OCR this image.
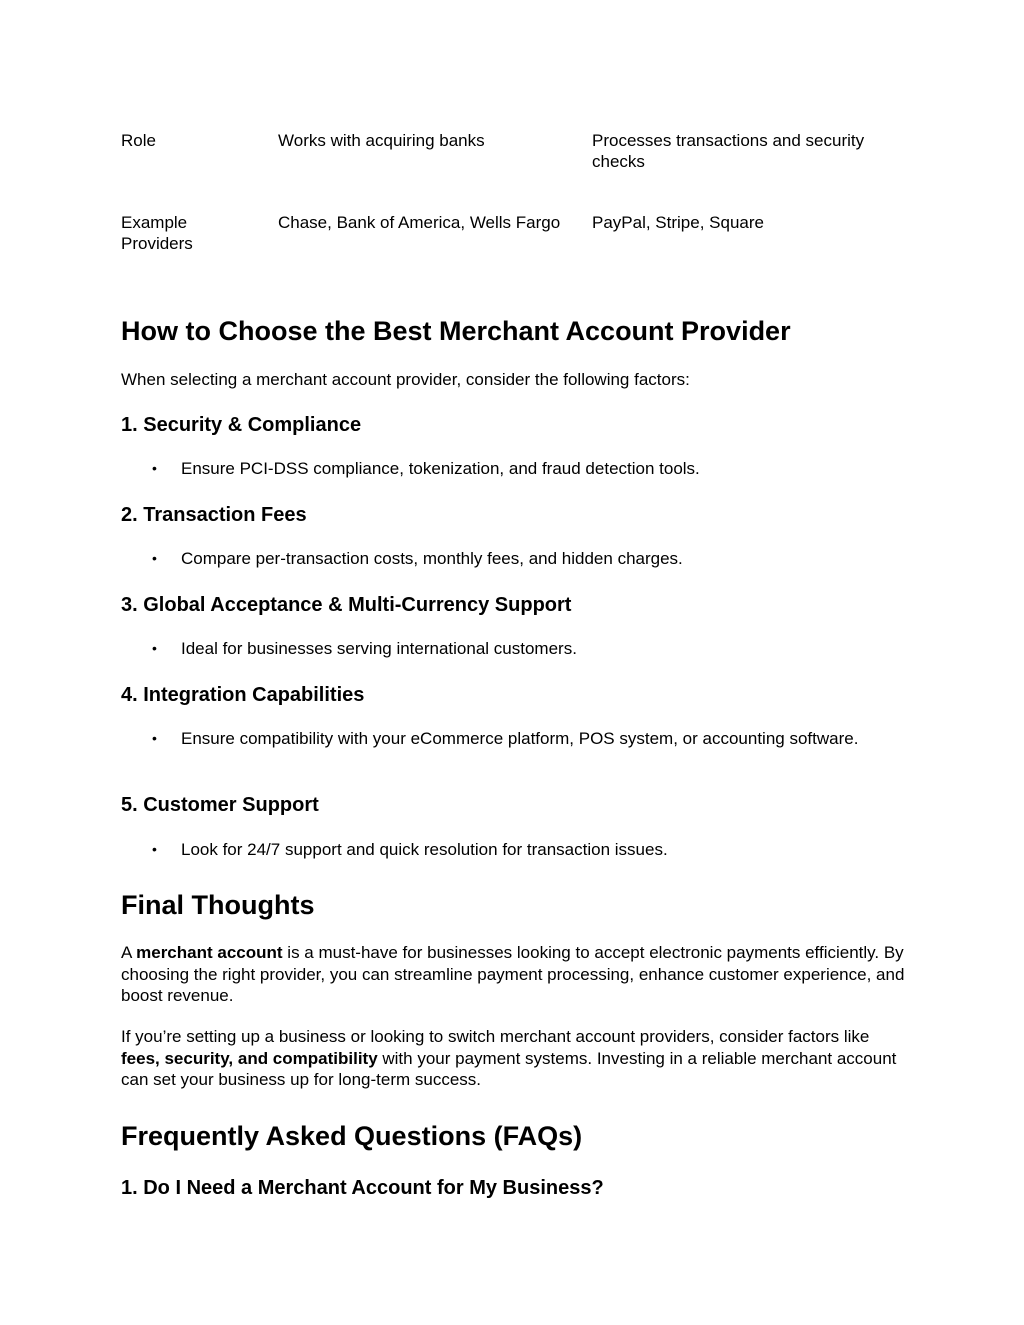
Role	Works with acquiring banks	Processes transactions and security checks
Example Providers
Chase, Bank of America, Wells Fargo PayPal, Stripe, Square
How to Choose the Best Merchant Account Provider

When selecting a merchant account provider, consider the following factors:

1. Security & Compliance
• Ensure PCI-DSS compliance, tokenization, and fraud detection tools.
2. Transaction Fees
• Compare per-transaction costs, monthly fees, and hidden charges.
3. Global Acceptance & Multi-Currency Support
• Ideal for businesses serving international customers.
4. Integration Capabilities
• Ensure compatibility with your eCommerce platform, POS system, or accounting software.
5. Customer Support
• Look for 24/7 support and quick resolution for transaction issues.
Final Thoughts

A merchant account is a must-have for businesses looking to accept electronic payments efficiently. By choosing the right provider, you can streamline payment processing, enhance customer experience, and boost revenue.

If you’re setting up a business or looking to switch merchant account providers, consider factors like fees, security, and compatibility with your payment systems. Investing in a reliable merchant account can set your business up for long-term success.

Frequently Asked Questions (FAQs)
1. Do I Need a Merchant Account for My Business?
